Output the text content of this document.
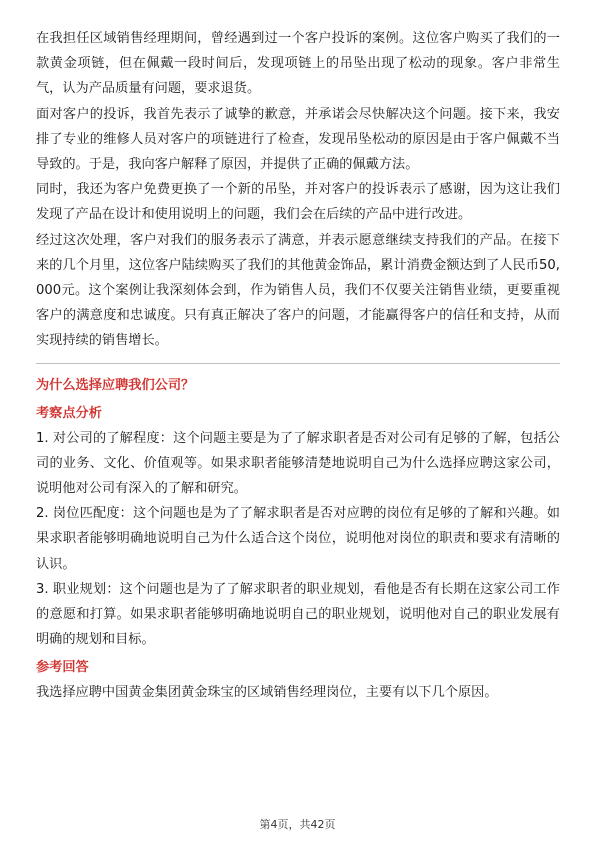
在我担任区域销售经理期间，曾经遇到过一个客户投诉的案例。这位客户购买了我们的一款黄金项链，但在佩戴一段时间后，发现项链上的吊坠出现了松动的现象。客户非常生气，认为产品质量有问题，要求退货。

面对客户的投诉，我首先表示了诚挚的歉意，并承诺会尽快解决这个问题。接下来，我安排了专业的维修人员对客户的项链进行了检查，发现吊坠松动的原因是由于客户佩戴不当导致的。于是，我向客户解释了原因，并提供了正确的佩戴方法。

同时，我还为客户免费更换了一个新的吊坠，并对客户的投诉表示了感谢，因为这让我们发现了产品在设计和使用说明上的问题，我们会在后续的产品中进行改进。

经过这次处理，客户对我们的服务表示了满意，并表示愿意继续支持我们的产品。在接下来的几个月里，这位客户陆续购买了我们的其他黄金饰品，累计消费金额达到了人民币50,000元。这个案例让我深刻体会到，作为销售人员，我们不仅要关注销售业绩，更要重视客户的满意度和忠诚度。只有真正解决了客户的问题，才能赢得客户的信任和支持，从而实现持续的销售增长。

为什么选择应聘我们公司？

考察点分析

1. 对公司的了解程度：这个问题主要是为了了解求职者是否对公司有足够的了解，包括公司的业务、文化、价值观等。如果求职者能够清楚地说明自己为什么选择应聘这家公司，说明他对公司有深入的了解和研究。

2. 岗位匹配度：这个问题也是为了了解求职者是否对应聘的岗位有足够的了解和兴趣。如果求职者能够明确地说明自己为什么适合这个岗位，说明他对岗位的职责和要求有清晰的认识。

3. 职业规划：这个问题也是为了了解求职者的职业规划，看他是否有长期在这家公司工作的意愿和打算。如果求职者能够明确地说明自己的职业规划，说明他对自己的职业发展有明确的规划和目标。

参考回答

我选择应聘中国黄金集团黄金珠宝的区域销售经理岗位，主要有以下几个原因。

第4页，共42页
